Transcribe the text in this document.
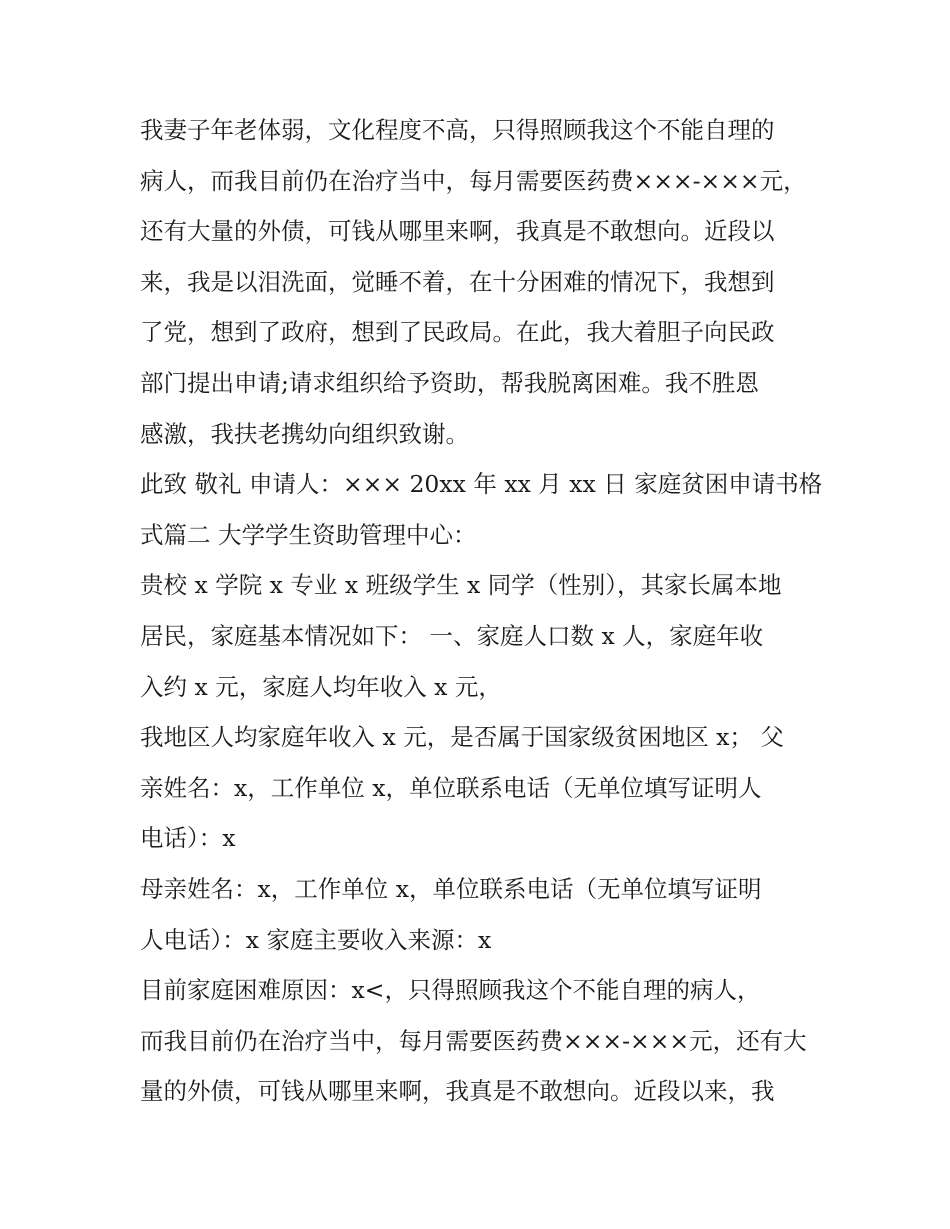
我妻子年老体弱，文化程度不高，只得照顾我这个不能自理的
病人，而我目前仍在治疗当中，每月需要医药费×××-×××元，
还有大量的外债，可钱从哪里来啊，我真是不敢想向。近段以
来，我是以泪洗面，觉睡不着，在十分困难的情况下，我想到
了党，想到了政府，想到了民政局。在此，我大着胆子向民政
部门提出申请;请求组织给予资助，帮我脱离困难。我不胜恩
感激，我扶老携幼向组织致谢。
此致 敬礼 申请人：××× 20xx 年 xx 月 xx 日 家庭贫困申请书格
式篇二 大学学生资助管理中心：
贵校 x 学院 x 专业 x 班级学生 x 同学（性别），其家长属本地
居民，家庭基本情况如下： 一、家庭人口数 x 人，家庭年收
入约 x 元，家庭人均年收入 x 元，
我地区人均家庭年收入 x 元，是否属于国家级贫困地区 x； 父
亲姓名：x，工作单位 x，单位联系电话（无单位填写证明人
电话）：x
母亲姓名：x，工作单位 x，单位联系电话（无单位填写证明
人电话）：x 家庭主要收入来源：x
目前家庭困难原因：x<，只得照顾我这个不能自理的病人，
而我目前仍在治疗当中，每月需要医药费×××-×××元，还有大
量的外债，可钱从哪里来啊，我真是不敢想向。近段以来，我
